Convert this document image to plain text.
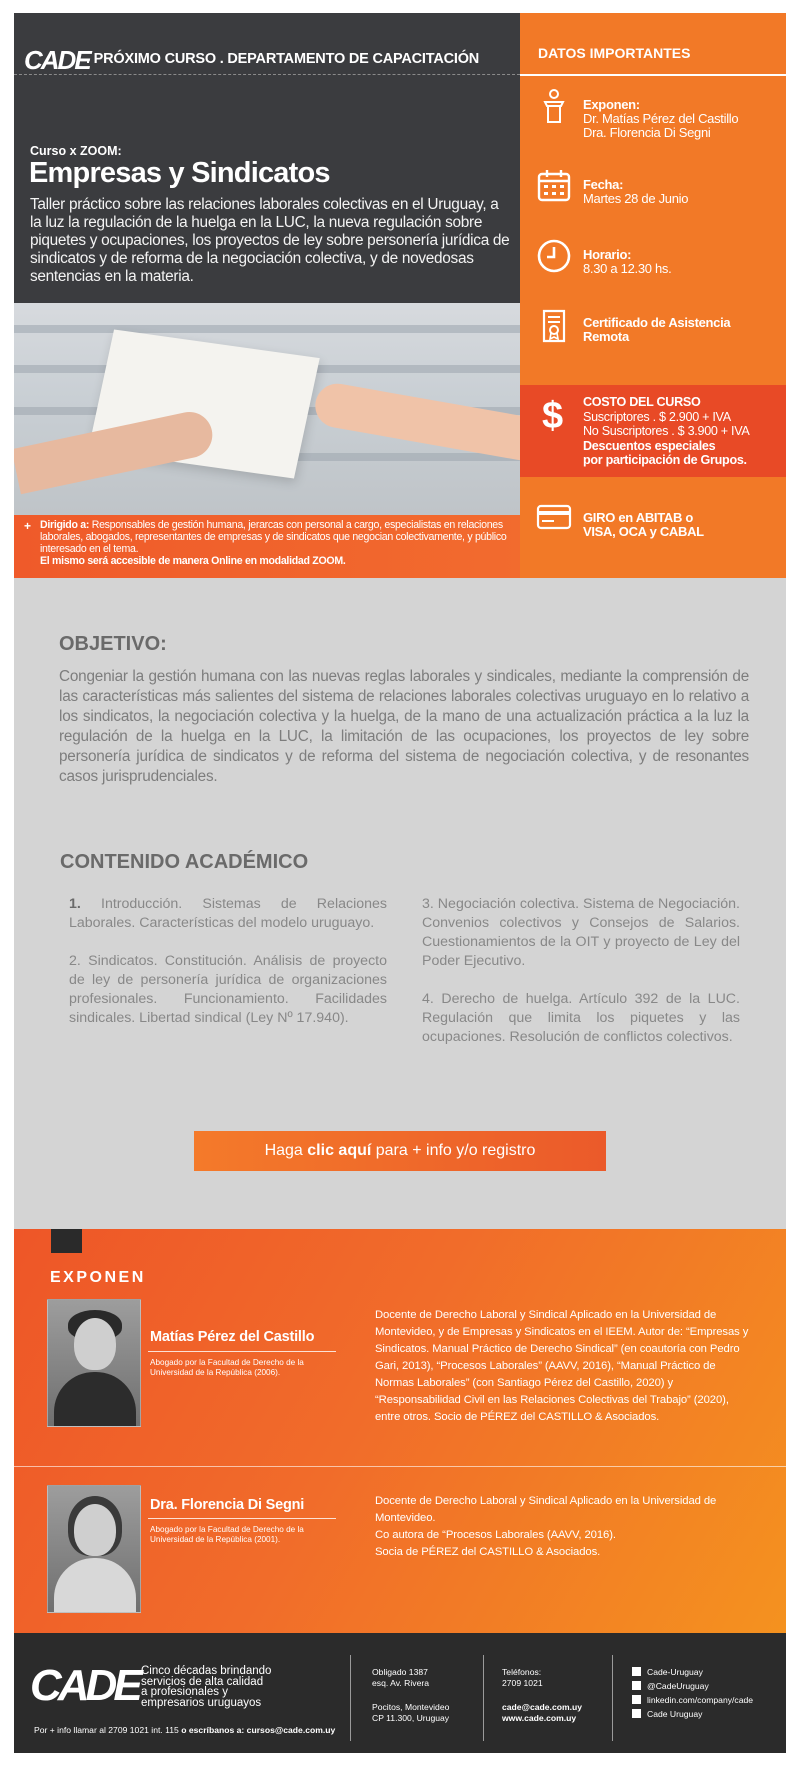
CADE
. PRÓXIMO CURSO . DEPARTAMENTO DE CAPACITACIÓN
Curso x ZOOM:
Empresas y Sindicatos
Taller práctico sobre las relaciones laborales colectivas en el Uruguay, a la luz la regulación de la huelga en la LUC, la nueva regulación sobre piquetes y ocupaciones, los proyectos de ley sobre personería jurídica de sindicatos y de reforma de la negociación colectiva, y de novedosas sentencias en la materia.
+ Dirigido a: Responsables de gestión humana, jerarcas con personal a cargo, especialistas en relaciones laborales, abogados, representantes de empresas y de sindicatos que negocian colectivamente, y público interesado en el tema.
El mismo será accesible de manera Online en modalidad ZOOM.
DATOS IMPORTANTES
Exponen:
Dr. Matías Pérez del Castillo
Dra. Florencia Di Segni
Fecha:
Martes 28 de Junio
Horario:
8.30 a 12.30 hs.
Certificado de Asistencia
Remota
$ COSTO DEL CURSO
Suscriptores . $ 2.900 + IVA
No Suscriptores . $ 3.900 + IVA
Descuentos especiales
por participación de Grupos.
GIRO en ABITAB o
VISA, OCA y CABAL
OBJETIVO:
Congeniar la gestión humana con las nuevas reglas laborales y sindicales, mediante la comprensión de las características más salientes del sistema de relaciones laborales colectivas uruguayo en lo relativo a los sindicatos, la negociación colectiva y la huelga, de la mano de una actualización práctica a la luz la regulación de la huelga en la LUC, la limitación de las ocupaciones, los proyectos de ley sobre personería jurídica de sindicatos y de reforma del sistema de negociación colectiva, y de resonantes casos jurisprudenciales.
CONTENIDO ACADÉMICO

1. Introducción. Sistemas de Relaciones Laborales. Características del modelo uruguayo.

2. Sindicatos. Constitución. Análisis de proyecto de ley de personería jurídica de organizaciones profesionales. Funcionamiento. Facilidades sindicales. Libertad sindical (Ley Nº 17.940).

3. Negociación colectiva. Sistema de Negociación. Convenios colectivos y Consejos de Salarios. Cuestionamientos de la OIT y proyecto de Ley del Poder Ejecutivo.

4. Derecho de huelga. Artículo 392 de la LUC. Regulación que limita los piquetes y las ocupaciones. Resolución de conflictos colectivos.

Haga clic aquí para + info y/o registro
EXPONEN
Matías Pérez del Castillo
Abogado por la Facultad de Derecho de la Universidad de la República (2006).
Docente de Derecho Laboral y Sindical Aplicado en la Universidad de Montevideo, y de Empresas y Sindicatos en el IEEM. Autor de: “Empresas y Sindicatos. Manual Práctico de Derecho Sindical” (en coautoría con Pedro Gari, 2013), “Procesos Laborales” (AAVV, 2016), “Manual Práctico de Normas Laborales” (con Santiago Pérez del Castillo, 2020) y “Responsabilidad Civil en las Relaciones Colectivas del Trabajo” (2020), entre otros. Socio de PÉREZ del CASTILLO & Asociados.
Dra. Florencia Di Segni
Abogado por la Facultad de Derecho de la Universidad de la República (2001).
Docente de Derecho Laboral y Sindical Aplicado en la Universidad de Montevideo.
Co autora de “Procesos Laborales (AAVV, 2016).
Socia de PÉREZ del CASTILLO & Asociados.
CADE Cinco décadas brindando
servicios de alta calidad
a profesionales y
empresarios uruguayos
Por + info llamar al 2709 1021 int. 115 o escríbanos a: cursos@cade.com.uy
Obligado 1387
esq. Av. Rivera
Pocitos, Montevideo
CP 11.300, Uruguay
Teléfonos:
2709 1021
cade@cade.com.uy
www.cade.com.uy
Cade-Uruguay
@CadeUruguay
linkedin.com/company/cade
Cade Uruguay
